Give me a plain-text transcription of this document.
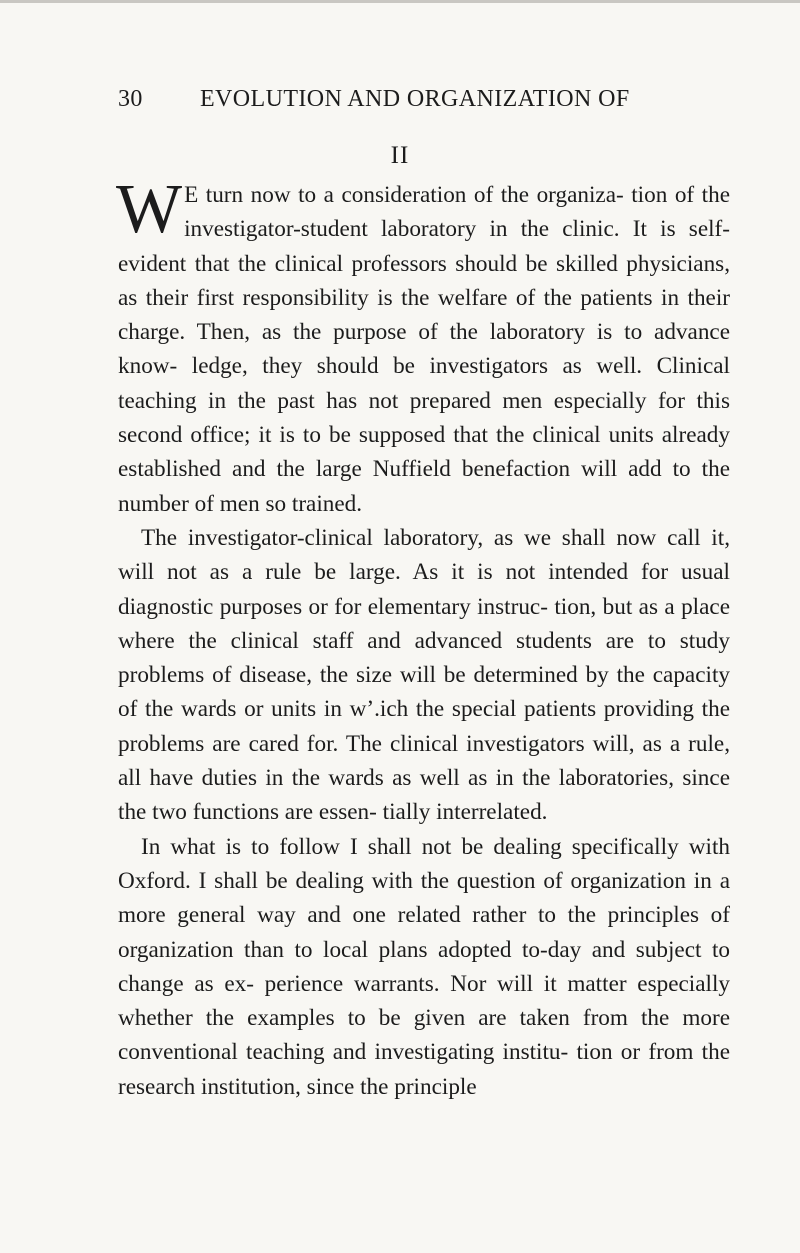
30 EVOLUTION AND ORGANIZATION OF
II

W E turn now to a consideration of the organiza- tion of the investigator-student laboratory in the clinic. It is self-evident that the clinical professors should be skilled physicians, as their first responsibility is the welfare of the patients in their charge. Then, as the purpose of the laboratory is to advance know- ledge, they should be investigators as well. Clinical teaching in the past has not prepared men especially for this second office; it is to be supposed that the clinical units already established and the large Nuffield benefaction will add to the number of men so trained.

The investigator-clinical laboratory, as we shall now call it, will not as a rule be large. As it is not intended for usual diagnostic purposes or for elementary instruc- tion, but as a place where the clinical staff and advanced students are to study problems of disease, the size will be determined by the capacity of the wards or units in wʼ.ich the special patients providing the problems are cared for. The clinical investigators will, as a rule, all have duties in the wards as well as in the laboratories, since the two functions are essen- tially interrelated.

In what is to follow I shall not be dealing specifically with Oxford. I shall be dealing with the question of organization in a more general way and one related rather to the principles of organization than to local plans adopted to-day and subject to change as ex- perience warrants. Nor will it matter especially whether the examples to be given are taken from the more conventional teaching and investigating institu- tion or from the research institution, since the principle
